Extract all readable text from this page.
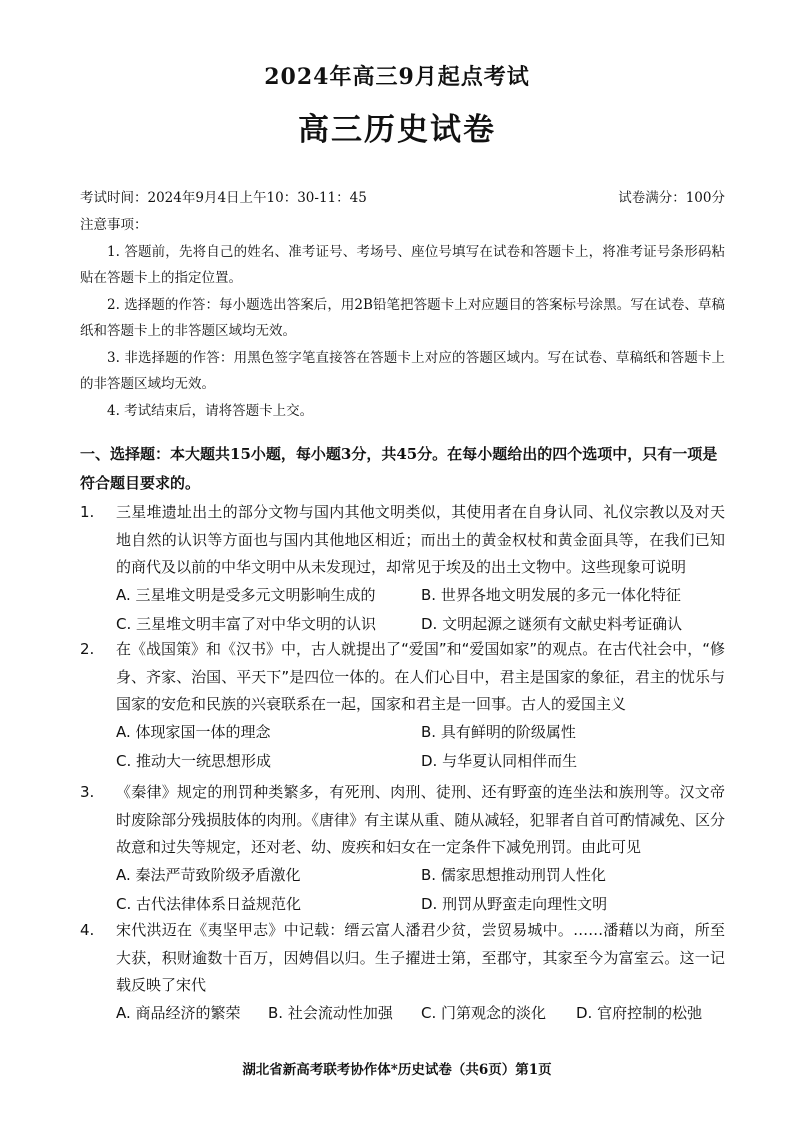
2024年高三9月起点考试
高三历史试卷
考试时间：2024年9月4日上午10：30-11：45	试卷满分：100分
注意事项：

1. 答题前，先将自己的姓名、准考证号、考场号、座位号填写在试卷和答题卡上，将准考证号条形码粘贴在答题卡上的指定位置。

2. 选择题的作答：每小题选出答案后，用2B铅笔把答题卡上对应题目的答案标号涂黑。写在试卷、草稿纸和答题卡上的非答题区域均无效。

3. 非选择题的作答：用黑色签字笔直接答在答题卡上对应的答题区域内。写在试卷、草稿纸和答题卡上的非答题区域均无效。

4. 考试结束后，请将答题卡上交。

一、选择题：本大题共15小题，每小题3分，共45分。在每小题给出的四个选项中，只有一项是符合题目要求的。
1.	三星堆遗址出土的部分文物与国内其他文明类似，其使用者在自身认同、礼仪宗教以及对天地自然的认识等方面也与国内其他地区相近；而出土的黄金权杖和黄金面具等，在我们已知的商代及以前的中华文明中从未发现过，却常见于埃及的出土文物中。这些现象可说明
A. 三星堆文明是受多元文明影响生成的	B. 世界各地文明发展的多元一体化特征
C. 三星堆文明丰富了对中华文明的认识	D. 文明起源之谜须有文献史料考证确认
2.	在《战国策》和《汉书》中，古人就提出了“爱国”和“爱国如家”的观点。在古代社会中，“修身、齐家、治国、平天下”是四位一体的。在人们心目中，君主是国家的象征，君主的忧乐与国家的安危和民族的兴衰联系在一起，国家和君主是一回事。古人的爱国主义
A. 体现家国一体的理念	B. 具有鲜明的阶级属性
C. 推动大一统思想形成	D. 与华夏认同相伴而生
3.	《秦律》规定的刑罚种类繁多，有死刑、肉刑、徒刑、还有野蛮的连坐法和族刑等。汉文帝时废除部分残损肢体的肉刑。《唐律》有主谋从重、随从减轻，犯罪者自首可酌情减免、区分故意和过失等规定，还对老、幼、废疾和妇女在一定条件下减免刑罚。由此可见
A. 秦法严苛致阶级矛盾激化	B. 儒家思想推动刑罚人性化
C. 古代法律体系日益规范化	D. 刑罚从野蛮走向理性文明
4.	宋代洪迈在《夷坚甲志》中记载：缙云富人潘君少贫，尝贸易城中。……潘藉以为商，所至大获，积财逾数十百万，因娉倡以归。生子擢进士第，至郡守，其家至今为富室云。这一记载反映了宋代
A. 商品经济的繁荣 B. 社会流动性加强 C. 门第观念的淡化 D. 官府控制的松弛
湖北省新高考联考协作体*历史试卷（共6页）第1页
